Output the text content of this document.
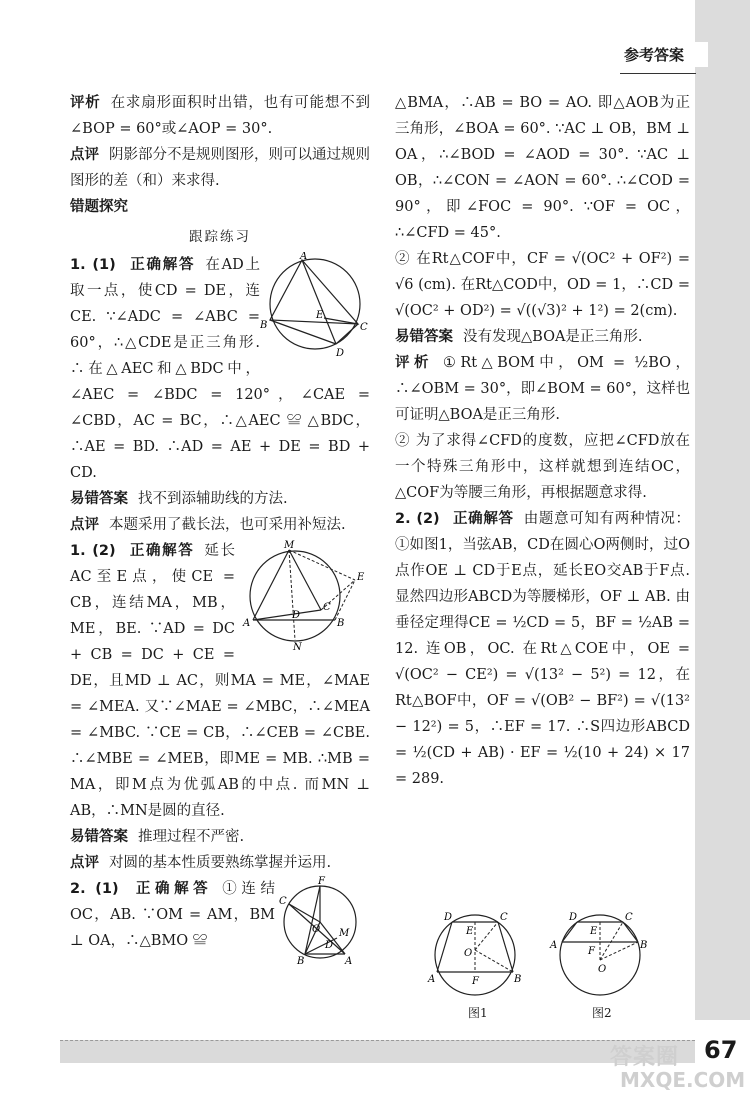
参考答案

评析 在求扇形面积时出错，也有可能想不到∠BOP = 60°或∠AOP = 30°.

点评 阴影部分不是规则图形，则可以通过规则图形的差（和）来求得.

错题探究

跟踪练习

1. (1) 正确解答 在AD上取一点，使CD = DE，连CE. ∵∠ADC = ∠ABC = 60°，∴△CDE是正三角形. ∴在△AEC和△BDC中，∠AEC = ∠BDC = 120°，∠CAE = ∠CBD，AC = BC，∴△AEC ≌ △BDC，∴AE = BD. ∴AD = AE + DE = BD + CD.

A
B	C
D
E

易错答案 找不到添辅助线的方法.

点评 本题采用了截长法，也可采用补短法.

1. (2) 正确解答 延长AC至E点，使CE = CB，连结MA，MB，ME，BE. ∵AD = DC + CB = DC + CE = DE，且MD ⊥ AC，则MA = ME，∠MAE = ∠MEA. 又∵∠MAE = ∠MBC，∴∠MEA = ∠MBC. ∵CE = CB，∴∠CEB = ∠CBE. ∴∠MBE = ∠MEB，即ME = MB. ∴MB = MA，即M点为优弧AB的中点. 而MN ⊥ AB，∴MN是圆的直径.

M
A	B
C
D
N
E

易错答案 推理过程不严密.

点评 对圆的基本性质要熟练掌握并运用.

2. (1) 正确解答 ①连结OC，AB. ∵OM = AM，BM ⊥ OA，∴△BMO ≌

F
C
O M
D
B	A

△BMA，∴AB = BO = AO. 即△AOB为正三角形，∠BOA = 60°. ∵AC ⊥ OB，BM ⊥ OA，∴∠BOD = ∠AOD = 30°. ∵AC ⊥ OB，∴∠CON = ∠AON = 60°. ∴∠COD = 90°，即∠FOC = 90°. ∵OF = OC，∴∠CFD = 45°.

② 在Rt△COF中，CF = √(OC² + OF²) = √6 (cm). 在Rt△COD中，OD = 1，∴CD = √(OC² + OD²) = √((√3)² + 1²) = 2(cm).

易错答案 没有发现△BOA是正三角形.

评析 ①Rt△BOM中，OM = ½BO，∴∠OBM = 30°，即∠BOM = 60°，这样也可证明△BOA是正三角形.

② 为了求得∠CFD的度数，应把∠CFD放在一个特殊三角形中，这样就想到连结OC，△COF为等腰三角形，再根据题意求得.

2. (2) 正确解答 由题意可知有两种情况：①如图1，当弦AB，CD在圆心O两侧时，过O点作OE ⊥ CD于E点，延长EO交AB于F点. 显然四边形ABCD为等腰梯形，OF ⊥ AB. 由垂径定理得CE = ½CD = 5，BF = ½AB = 12. 连OB，OC. 在Rt△COE中，OE = √(OC² − CE²) = √(13² − 5²) = 12，在Rt△BOF中，OF = √(OB² − BF²) = √(13² − 12²) = 5，∴EF = 17. ∴S四边形ABCD = ½(CD + AB) · EF = ½(10 + 24) × 17 = 289.

D	C
E
O
A	F	B
D	C
E
B
F
O
A
图1	图2
答案圈
MXQE.COM
67
